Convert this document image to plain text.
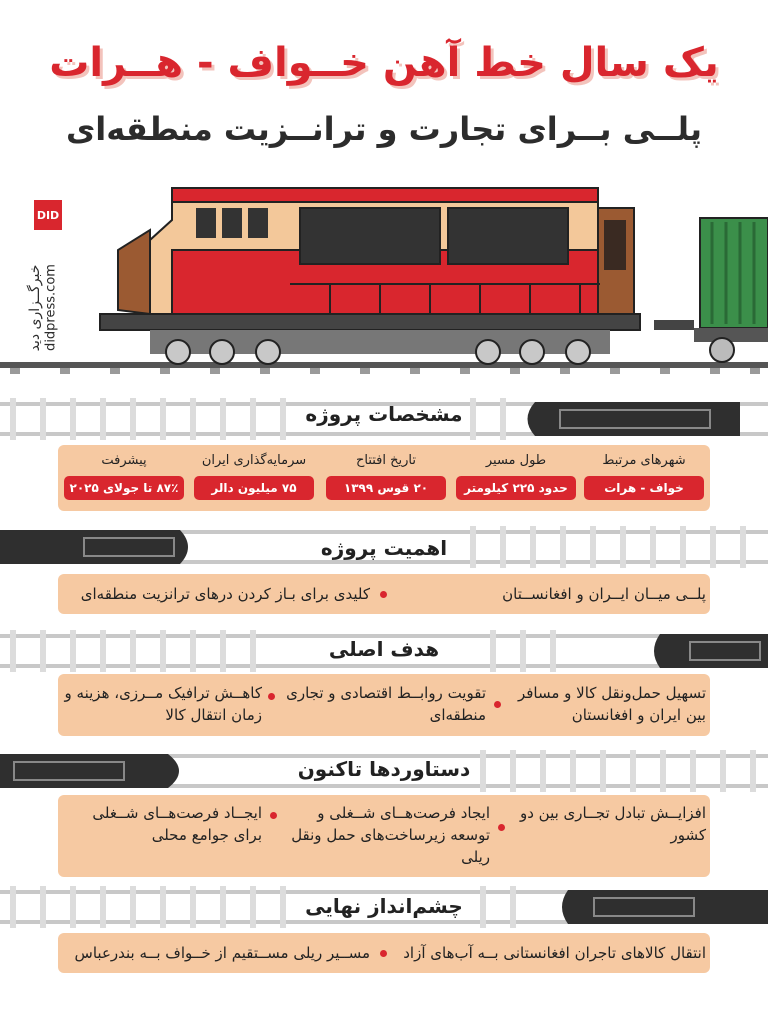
یک سال خط آهن خــواف - هــرات
پلــی بــرای تجارت و ترانــزیت منطقه‌ای
DID
خبرگــزاری دید didpress.com
مشخصات پروژه
شهرهای مرتبط
خواف - هرات
طول مسیر
حدود ۲۲۵ کیلومتر
تاریخ افتتاح
۲۰ قوس ۱۳۹۹
سرمایه‌گذاری ایران
۷۵ میلیون دالر
پیشرفت
۸۷٪ تا جولای ۲۰۲۵
اهمیت پروژه
پلــی میــان ایــران و افغانســتان
کلیدی برای بـاز کردن درهای ترانزیت منطقه‌ای
هدف اصلی
تسهیل حمل‌ونقل کالا و مسافر بین ایران و افغانستان
تقویت روابــط اقتصادی و تجاری منطقه‌ای
کاهــش ترافیک مــرزی، هزینه و زمان انتقال کالا
دستاوردها تاکنون
افزایــش تبادل تجــاری بین دو کشور
ایجاد فرصت‌هــای شــغلی و توسعه زیرساخت‌های حمل ونقل ریلی
ایجــاد فرصت‌هــای شــغلی برای جوامع محلی
چشم‌انداز نهایی
انتقال کالاهای تاجران افغانستانی بــه آب‌های آزاد
مســیر ریلی مســتقیم از خــواف بــه بندرعباس
